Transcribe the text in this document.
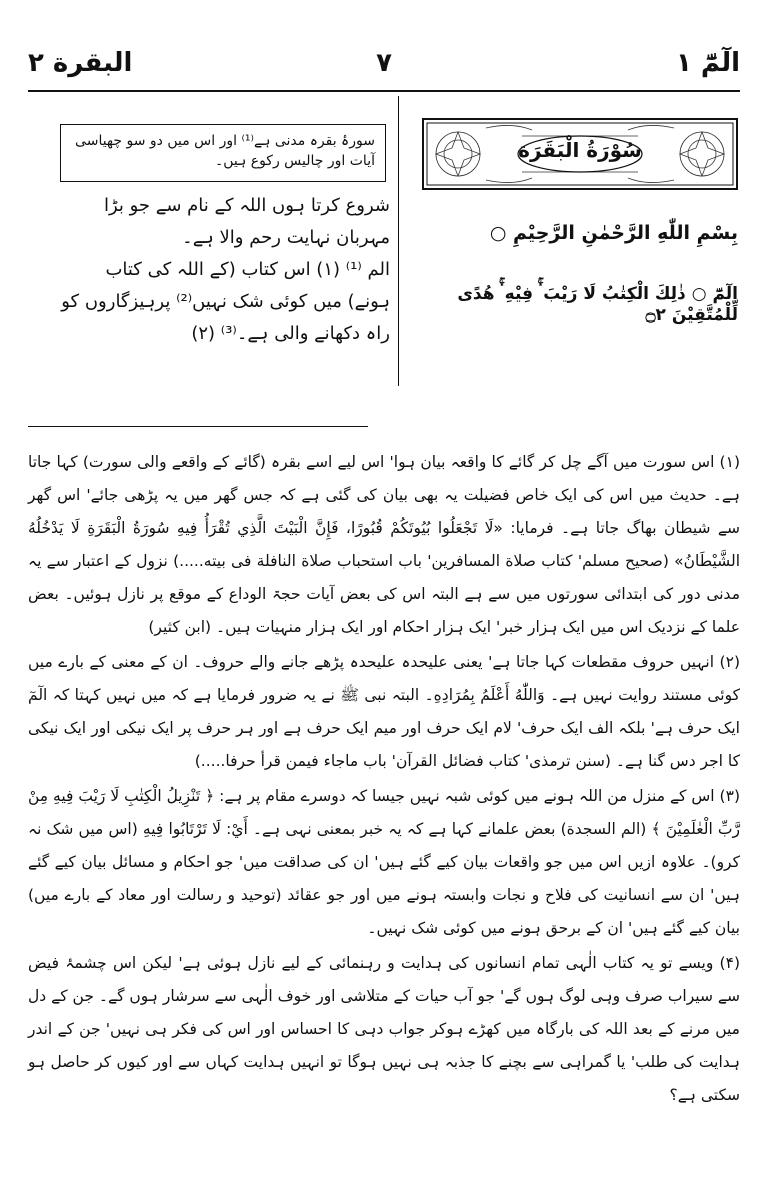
البقرة ۲	۷	الٓمّٓ ۱
سُوْرَةُ الْبَقَرَة
بِسْمِ اللّٰهِ الرَّحْمٰنِ الرَّحِيْمِ ○
الٓمّٓ ○ ذٰلِكَ الْكِتٰبُ لَا رَيْبَ ۛۚ فِيْهِ ۛۚ هُدًى لِّلْمُتَّقِيْنَ ۝۲
سورۂ بقرہ مدنی ہے⁽¹⁾ اور اس میں دو سو چھیاسی آیات اور چالیس رکوع ہیں۔

شروع کرتا ہوں اللہ کے نام سے جو بڑا مہربان نہایت رحم والا ہے۔

الم ⁽¹⁾ (۱) اس کتاب (کے اللہ کی کتاب ہونے) میں کوئی شک نہیں⁽²⁾ پرہیزگاروں کو راہ دکھانے والی ہے۔⁽³⁾ (۲)

(۱) اس سورت میں آگے چل کر گائے کا واقعہ بیان ہوا' اس لیے اسے بقرہ (گائے کے واقعے والی سورت) کہا جاتا ہے۔ حدیث میں اس کی ایک خاص فضیلت یہ بھی بیان کی گئی ہے کہ جس گھر میں یہ پڑھی جائے' اس گھر سے شیطان بھاگ جاتا ہے۔ فرمایا: «لَا تَجْعَلُوا بُيُوتَكُمْ قُبُورًا، فَإِنَّ الْبَيْتَ الَّذِي تُقْرَأُ فِيهِ سُورَةُ الْبَقَرَةِ لَا يَدْخُلُهُ الشَّيْطَانُ» (صحیح مسلم' کتاب صلاة المسافرين' باب استحباب صلاة النافلة فى بيته.....) نزول کے اعتبار سے یہ مدنی دور کی ابتدائی سورتوں میں سے ہے البتہ اس کی بعض آیات حجۃ الوداع کے موقع پر نازل ہوئیں۔ بعض علما کے نزدیک اس میں ایک ہزار خبر' ایک ہزار احکام اور ایک ہزار منہیات ہیں۔ (ابن کثیر)

(۲) انہیں حروف مقطعات کہا جاتا ہے' یعنی علیحدہ علیحدہ پڑھے جانے والے حروف۔ ان کے معنی کے بارے میں کوئی مستند روایت نہیں ہے۔ وَاللّٰهُ أَعْلَمُ بِمُرَادِهِ۔ البتہ نبی ﷺ نے یہ ضرور فرمایا ہے کہ میں نہیں کہتا کہ الٓمٓ ایک حرف ہے' بلکہ الف ایک حرف' لام ایک حرف اور میم ایک حرف ہے اور ہر حرف پر ایک نیکی اور ایک نیکی کا اجر دس گنا ہے۔ (سنن ترمذی' کتاب فضائل القرآن' باب ماجاء فيمن قرأ حرفا.....)

(۳) اس کے منزل من اللہ ہونے میں کوئی شبہ نہیں جیسا کہ دوسرے مقام پر ہے: ﴿ تَنْزِيلُ الْكِتٰبِ لَا رَيْبَ فِيهِ مِنْ رَّبِّ الْعٰلَمِيْنَ ﴾ (الم السجدة) بعض علمانے کہا ہے کہ یہ خبر بمعنی نہی ہے۔ أَيْ: لَا تَرْتَابُوا فِيهِ (اس میں شک نہ کرو)۔ علاوہ ازیں اس میں جو واقعات بیان کیے گئے ہیں' ان کی صداقت میں' جو احکام و مسائل بیان کیے گئے ہیں' ان سے انسانیت کی فلاح و نجات وابستہ ہونے میں اور جو عقائد (توحید و رسالت اور معاد کے بارے میں) بیان کیے گئے ہیں' ان کے برحق ہونے میں کوئی شک نہیں۔

(۴) ویسے تو یہ کتاب الٰہی تمام انسانوں کی ہدایت و رہنمائی کے لیے نازل ہوئی ہے' لیکن اس چشمۂ فیض سے سیراب صرف وہی لوگ ہوں گے' جو آب حیات کے متلاشی اور خوف الٰہی سے سرشار ہوں گے۔ جن کے دل میں مرنے کے بعد اللہ کی بارگاہ میں کھڑے ہوکر جواب دہی کا احساس اور اس کی فکر ہی نہیں' جن کے اندر ہدایت کی طلب' یا گمراہی سے بچنے کا جذبہ ہی نہیں ہوگا تو انہیں ہدایت کہاں سے اور کیوں کر حاصل ہو سکتی ہے؟
